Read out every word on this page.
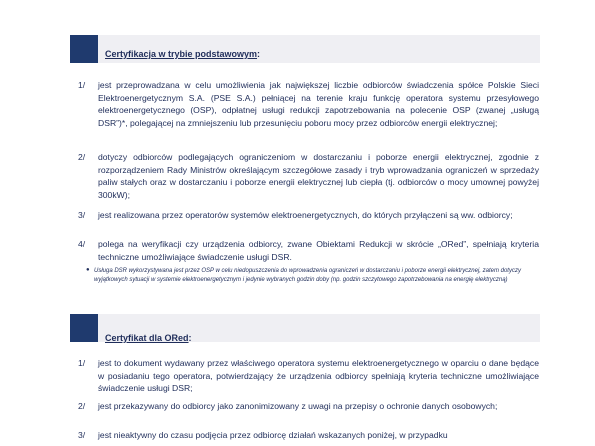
Certyfikacja w trybie podstawowym:
1/	jest przeprowadzana w celu umożliwienia jak największej liczbie odbiorców świadczenia spółce Polskie Sieci Elektroenergetycznym S.A. (PSE S.A.) pełniącej na terenie kraju funkcję operatora systemu przesyłowego elektroenergetycznego (OSP), odpłatnej usługi redukcji zapotrzebowania na polecenie OSP (zwanej „usługą DSR”)*, polegającej na zmniejszeniu lub przesunięciu poboru mocy przez odbiorców energii elektrycznej;
2/	dotyczy odbiorców podlegających ograniczeniom w dostarczaniu i poborze energii elektrycznej, zgodnie z rozporządzeniem Rady Ministrów określającym szczegółowe zasady i tryb wprowadzania ograniczeń w sprzedaży paliw stałych oraz w dostarczaniu i poborze energii elektrycznej lub ciepła (tj. odbiorców o mocy umownej powyżej 300kW);
3/	jest realizowana przez operatorów systemów elektroenergetycznych, do których przyłączeni są ww. odbiorcy;
4/	polega na weryfikacji czy urządzenia odbiorcy, zwane Obiektami Redukcji w skrócie „ORed”, spełniają kryteria techniczne umożliwiające świadczenie usługi DSR.
● Usługa DSR wykorzystywana jest przez OSP w celu niedopuszczenia do wprowadzenia ograniczeń w dostarczaniu i poborze energii elektrycznej, zatem dotyczy wyjątkowych sytuacji w systemie elektroenergetycznym i jedynie wybranych godzin doby (np. godzin szczytowego zapotrzebowania na energię elektryczną)
Certyfikat dla ORed:
1/	jest to dokument wydawany przez właściwego operatora systemu elektroenergetycznego w oparciu o dane będące w posiadaniu tego operatora, potwierdzający że urządzenia odbiorcy spełniają kryteria techniczne umożliwiające świadczenie usługi DSR;
2/	jest przekazywany do odbiorcy jako zanonimizowany z uwagi na przepisy o ochronie danych osobowych;
3/	jest nieaktywny do czasu podjęcia przez odbiorcę działań wskazanych poniżej, w przypadku
